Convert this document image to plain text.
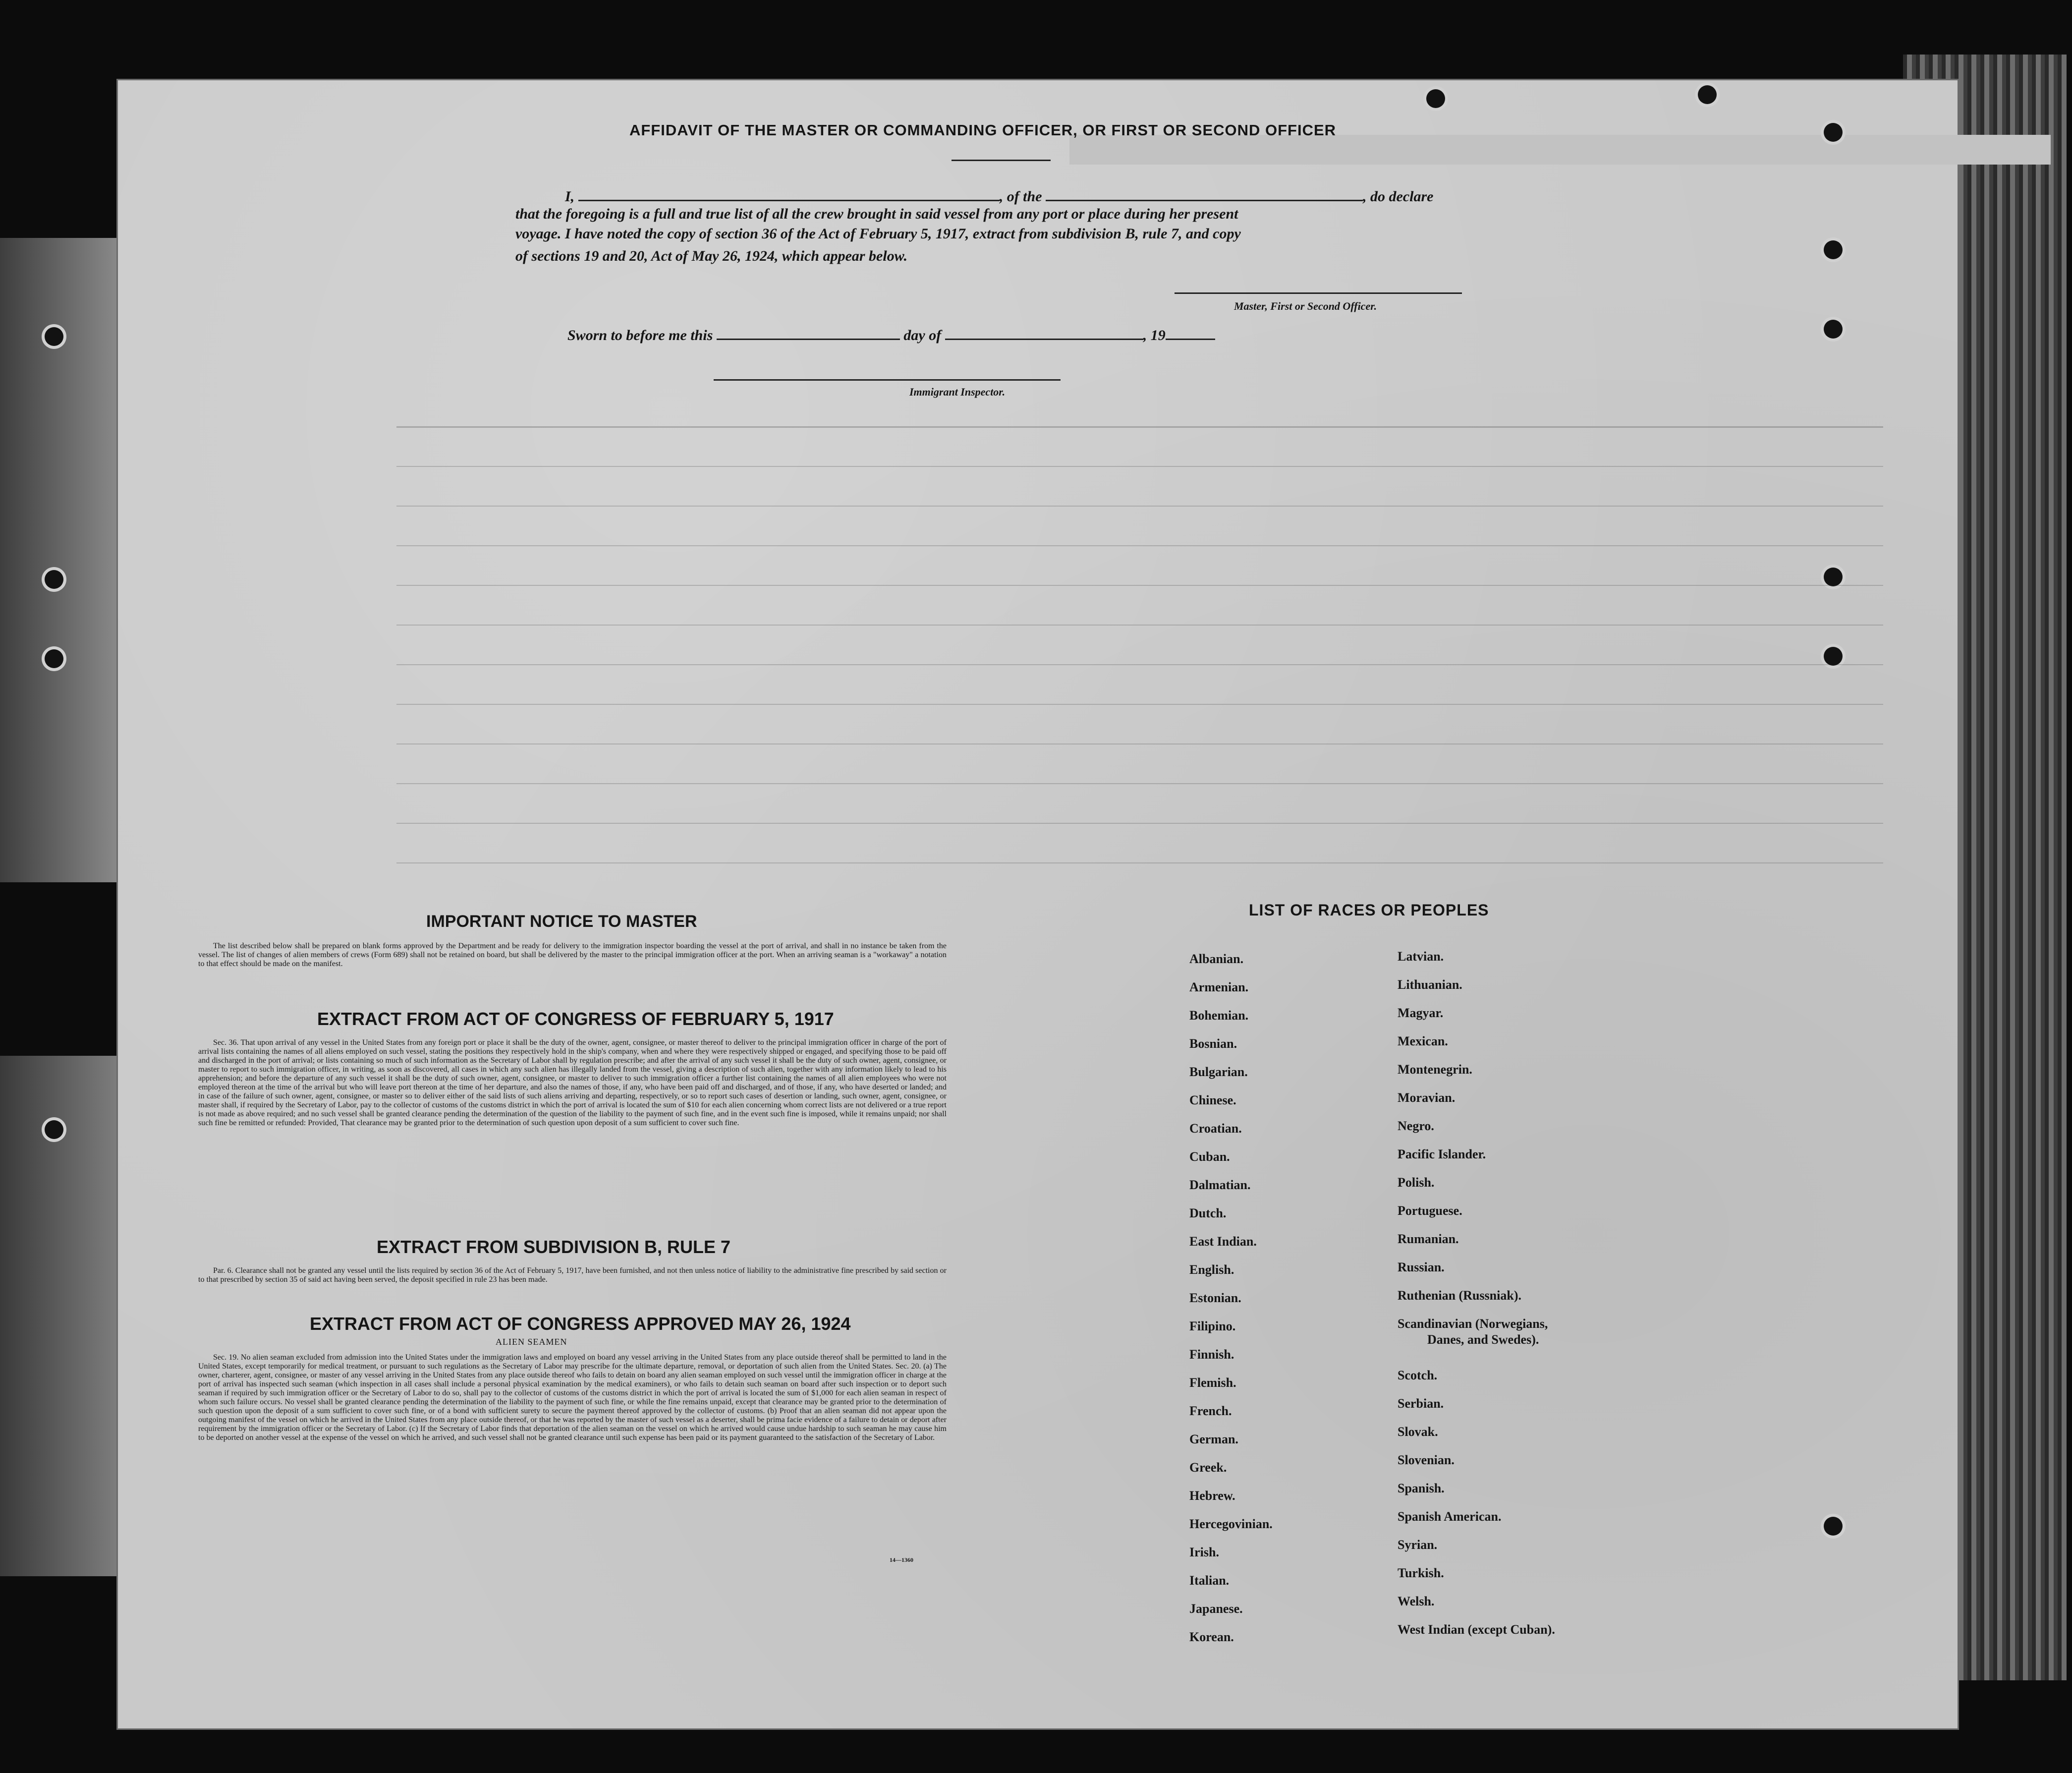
AFFIDAVIT OF THE MASTER OR COMMANDING OFFICER, OR FIRST OR SECOND OFFICER
I,	, of the	, do declare
that the foregoing is a full and true list of all the crew brought in said vessel from any port or place during her present
voyage. I have noted the copy of section 36 of the Act of February 5, 1917, extract from subdivision B, rule 7, and copy
of sections 19 and 20, Act of May 26, 1924, which appear below.
Master, First or Second Officer.
Sworn to before me this	day of	, 19
Immigrant Inspector.
IMPORTANT NOTICE TO MASTER
The list described below shall be prepared on blank forms approved by the Department and be ready for delivery to the immigration inspector boarding the vessel at the port of arrival, and shall in no instance be taken from the vessel. The list of changes of alien members of crews (Form 689) shall not be retained on board, but shall be delivered by the master to the principal immigration officer at the port. When an arriving seaman is a "workaway" a notation to that effect should be made on the manifest.
EXTRACT FROM ACT OF CONGRESS OF FEBRUARY 5, 1917
Sec. 36. That upon arrival of any vessel in the United States from any foreign port or place it shall be the duty of the owner, agent, consignee, or master thereof to deliver to the principal immigration officer in charge of the port of arrival lists containing the names of all aliens employed on such vessel, stating the positions they respectively hold in the ship's company, when and where they were respectively shipped or engaged, and specifying those to be paid off and discharged in the port of arrival; or lists containing so much of such information as the Secretary of Labor shall by regulation prescribe; and after the arrival of any such vessel it shall be the duty of such owner, agent, consignee, or master to report to such immigration officer, in writing, as soon as discovered, all cases in which any such alien has illegally landed from the vessel, giving a description of such alien, together with any information likely to lead to his apprehension; and before the departure of any such vessel it shall be the duty of such owner, agent, consignee, or master to deliver to such immigration officer a further list containing the names of all alien employees who were not employed thereon at the time of the arrival but who will leave port thereon at the time of her departure, and also the names of those, if any, who have been paid off and discharged, and of those, if any, who have deserted or landed; and in case of the failure of such owner, agent, consignee, or master so to deliver either of the said lists of such aliens arriving and departing, respectively, or so to report such cases of desertion or landing, such owner, agent, consignee, or master shall, if required by the Secretary of Labor, pay to the collector of customs of the customs district in which the port of arrival is located the sum of $10 for each alien concerning whom correct lists are not delivered or a true report is not made as above required; and no such vessel shall be granted clearance pending the determination of the question of the liability to the payment of such fine, and in the event such fine is imposed, while it remains unpaid; nor shall such fine be remitted or refunded: Provided, That clearance may be granted prior to the determination of such question upon deposit of a sum sufficient to cover such fine.
EXTRACT FROM SUBDIVISION B, RULE 7
Par. 6. Clearance shall not be granted any vessel until the lists required by section 36 of the Act of February 5, 1917, have been furnished, and not then unless notice of liability to the administrative fine prescribed by said section or to that prescribed by section 35 of said act having been served, the deposit specified in rule 23 has been made.
EXTRACT FROM ACT OF CONGRESS APPROVED MAY 26, 1924
ALIEN SEAMEN
Sec. 19. No alien seaman excluded from admission into the United States under the immigration laws and employed on board any vessel arriving in the United States from any place outside thereof shall be permitted to land in the United States, except temporarily for medical treatment, or pursuant to such regulations as the Secretary of Labor may prescribe for the ultimate departure, removal, or deportation of such alien from the United States. Sec. 20. (a) The owner, charterer, agent, consignee, or master of any vessel arriving in the United States from any place outside thereof who fails to detain on board any alien seaman employed on such vessel until the immigration officer in charge at the port of arrival has inspected such seaman (which inspection in all cases shall include a personal physical examination by the medical examiners), or who fails to detain such seaman on board after such inspection or to deport such seaman if required by such immigration officer or the Secretary of Labor to do so, shall pay to the collector of customs of the customs district in which the port of arrival is located the sum of $1,000 for each alien seaman in respect of whom such failure occurs. No vessel shall be granted clearance pending the determination of the liability to the payment of such fine, or while the fine remains unpaid, except that clearance may be granted prior to the determination of such question upon the deposit of a sum sufficient to cover such fine, or of a bond with sufficient surety to secure the payment thereof approved by the collector of customs. (b) Proof that an alien seaman did not appear upon the outgoing manifest of the vessel on which he arrived in the United States from any place outside thereof, or that he was reported by the master of such vessel as a deserter, shall be prima facie evidence of a failure to detain or deport after requirement by the immigration officer or the Secretary of Labor. (c) If the Secretary of Labor finds that deportation of the alien seaman on the vessel on which he arrived would cause undue hardship to such seaman he may cause him to be deported on another vessel at the expense of the vessel on which he arrived, and such vessel shall not be granted clearance until such expense has been paid or its payment guaranteed to the satisfaction of the Secretary of Labor.
14—1360
LIST OF RACES OR PEOPLES
Albanian.
Armenian.
Bohemian.
Bosnian.
Bulgarian.
Chinese.
Croatian.
Cuban.
Dalmatian.
Dutch.
East Indian.
English.
Estonian.
Filipino.
Finnish.
Flemish.
French.
German.
Greek.
Hebrew.
Hercegovinian.
Irish.
Italian.
Japanese.
Korean.
Latvian.
Lithuanian.
Magyar.
Mexican.
Montenegrin.
Moravian.
Negro.
Pacific Islander.
Polish.
Portuguese.
Rumanian.
Russian.
Ruthenian (Russniak).
Scandinavian (Norwegians,
Danes, and Swedes).
Scotch.
Serbian.
Slovak.
Slovenian.
Spanish.
Spanish American.
Syrian.
Turkish.
Welsh.
West Indian (except Cuban).
